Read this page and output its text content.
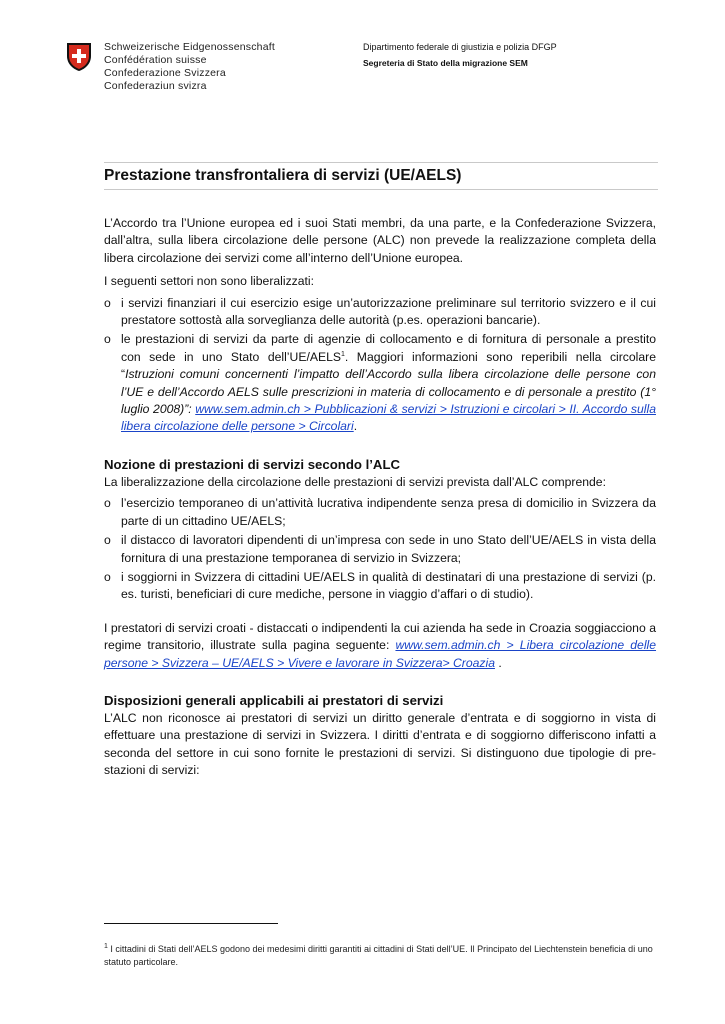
Schweizerische Eidgenossenschaft
Confédération suisse
Confederazione Svizzera
Confederaziun svizra
Dipartimento federale di giustizia e polizia DFGP
Segreteria di Stato della migrazione SEM
Prestazione transfrontaliera di servizi (UE/AELS)

L’Accordo tra l’Unione europea ed i suoi Stati membri, da una parte, e la Confederazione Svizzera, dall’altra, sulla libera circolazione delle persone (ALC) non prevede la realizzazione completa della libera circolazione dei servizi come all’interno dell’Unione europea.

I seguenti settori non sono liberalizzati:

o i servizi finanziari il cui esercizio esige un’autorizzazione preliminare sul territorio svizzero e il cui prestatore sottostà alla sorveglianza delle autorità (p.es. operazioni bancarie).
o le prestazioni di servizi da parte di agenzie di collocamento e di fornitura di personale a prestito con sede in uno Stato dell’UE/AELS$^1$. Maggiori informazioni sono reperibili nella circolare “Istruzioni comuni concernenti l’impatto dell’Accordo sulla libera circolazione delle persone con l’UE e dell’Accordo AELS sulle prescrizioni in materia di collocamento e di personale a prestito (1° luglio 2008)”: www.sem.admin.ch > Pubblicazioni & servizi > Istruzioni e circolari > II. Accordo sulla libera circolazione delle persone > Circolari.
Nozione di prestazioni di servizi secondo l’ALC

La liberalizzazione della circolazione delle prestazioni di servizi prevista dall’ALC comprende:

o l’esercizio temporaneo di un’attività lucrativa indipendente senza presa di domicilio in Svizzera da parte di un cittadino UE/AELS;
o il distacco di lavoratori dipendenti di un’impresa con sede in uno Stato dell’UE/AELS in vista della fornitura di una prestazione temporanea di servizio in Svizzera;
o i soggiorni in Svizzera di cittadini UE/AELS in qualità di destinatari di una prestazione di servizi (p. es. turisti, beneficiari di cure mediche, persone in viaggio d’affari o di studio).

I prestatori di servizi croati - distaccati o indipendenti la cui azienda ha sede in Croazia soggiacciono a regime transitorio, illustrate sulla pagina seguente: www.sem.admin.ch > Libera circolazione delle persone > Svizzera – UE/AELS > Vivere e lavorare in Svizzera> Croazia .

Disposizioni generali applicabili ai prestatori di servizi

L’ALC non riconosce ai prestatori di servizi un diritto generale d’entrata e di soggiorno in vista di effettuare una prestazione di servizi in Svizzera. I diritti d’entrata e di soggiorno differiscono infatti a seconda del settore in cui sono fornite le prestazioni di servizi. Si distinguono due tipologie di pre-stazioni di servizi:

$^1$ I cittadini di Stati dell’AELS godono dei medesimi diritti garantiti ai cittadini di Stati dell’UE. Il Principato del Liechtenstein beneficia di uno statuto particolare.
